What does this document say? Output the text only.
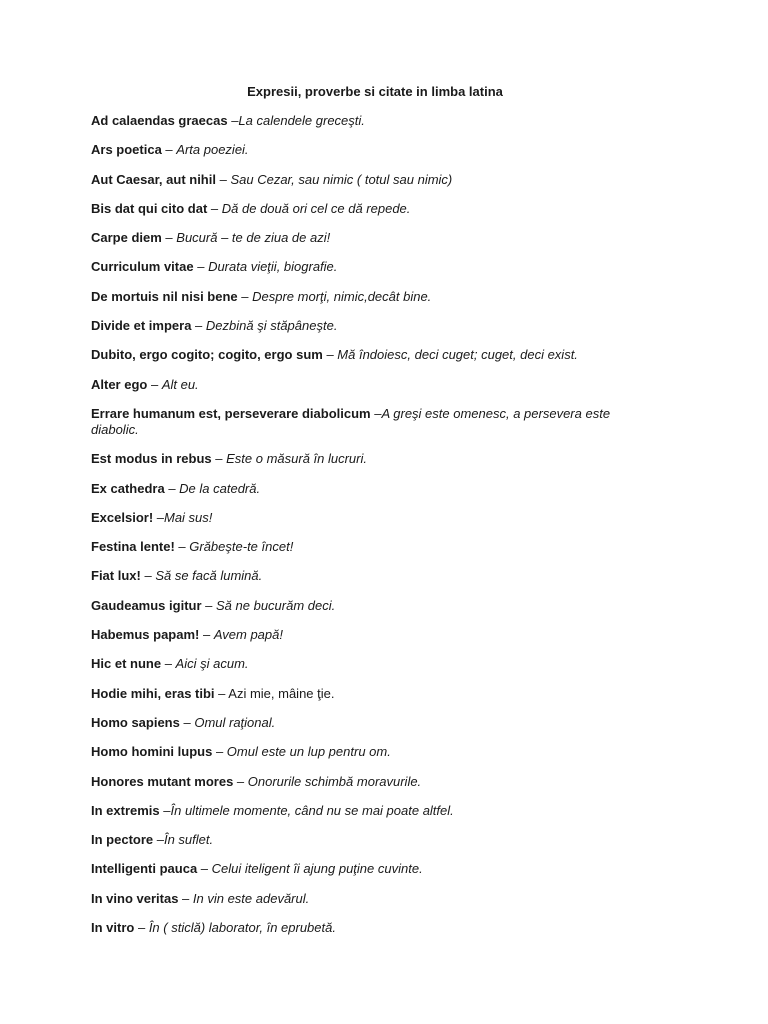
Expresii, proverbe si citate in limba latina
Ad calaendas graecas –La calendele greceşti.
Ars poetica – Arta poeziei.
Aut Caesar, aut nihil – Sau Cezar, sau nimic ( totul sau nimic)
Bis dat qui cito dat – Dă de două ori cel ce dă repede.
Carpe diem – Bucură – te de ziua de azi!
Curriculum vitae – Durata vieţii, biografie.
De mortuis nil nisi bene – Despre morţi, nimic,decât bine.
Divide et impera – Dezbină şi stăpâneşte.
Dubito, ergo cogito; cogito, ergo sum – Mă îndoiesc, deci cuget; cuget, deci exist.
Alter ego – Alt eu.
Errare humanum est, perseverare diabolicum –A greşi este omenesc, a persevera este diabolic.
Est modus in rebus – Este o măsură în lucruri.
Ex cathedra – De la catedră.
Excelsior! –Mai sus!
Festina lente! – Grăbeşte-te încet!
Fiat lux! – Să se facă lumină.
Gaudeamus igitur – Să ne bucurăm deci.
Habemus papam! – Avem papă!
Hic et nune – Aici şi acum.
Hodie mihi, eras tibi – Azi mie, mâine ţie.
Homo sapiens – Omul raţional.
Homo homini lupus – Omul este un lup pentru om.
Honores mutant mores – Onorurile schimbă moravurile.
In extremis –În ultimele momente, când nu se mai poate altfel.
In pectore –În suflet.
Intelligenti pauca – Celui iteligent îi ajung puţine cuvinte.
In vino veritas – In vin este adevărul.
In vitro – În ( sticlă) laborator, în eprubetă.
